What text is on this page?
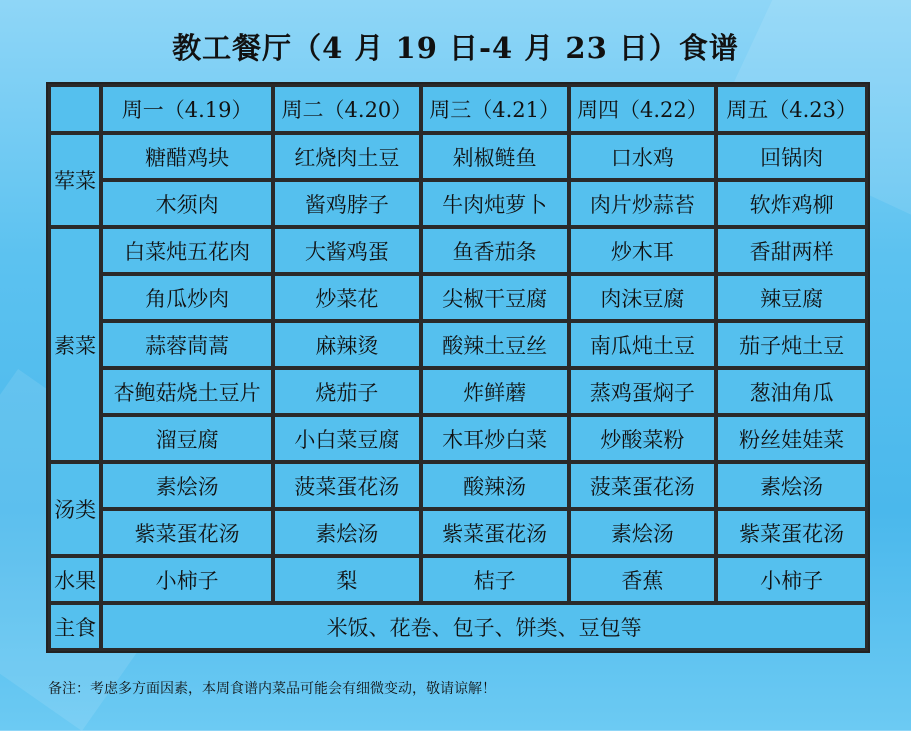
教工餐厅（4 月 19 日-4 月 23 日）食谱
	周一（4.19）	周二（4.20）	周三（4.21）	周四（4.22）	周五（4.23）
荤菜	糖醋鸡块	红烧肉土豆	剁椒鲢鱼	口水鸡	回锅肉
	木须肉	酱鸡脖子	牛肉炖萝卜	肉片炒蒜苔	软炸鸡柳
素菜	白菜炖五花肉	大酱鸡蛋	鱼香茄条	炒木耳	香甜两样
	角瓜炒肉	炒菜花	尖椒干豆腐	肉沫豆腐	辣豆腐
	蒜蓉茼蒿	麻辣烫	酸辣土豆丝	南瓜炖土豆	茄子炖土豆
	杏鲍菇烧土豆片	烧茄子	炸鲜蘑	蒸鸡蛋焖子	葱油角瓜
	溜豆腐	小白菜豆腐	木耳炒白菜	炒酸菜粉	粉丝娃娃菜
汤类	素烩汤	菠菜蛋花汤	酸辣汤	菠菜蛋花汤	素烩汤
	紫菜蛋花汤	素烩汤	紫菜蛋花汤	素烩汤	紫菜蛋花汤
水果	小柿子	梨	桔子	香蕉	小柿子
主食	米饭、花卷、包子、饼类、豆包等				
备注：考虑多方面因素，本周食谱内菜品可能会有细微变动，敬请谅解！
